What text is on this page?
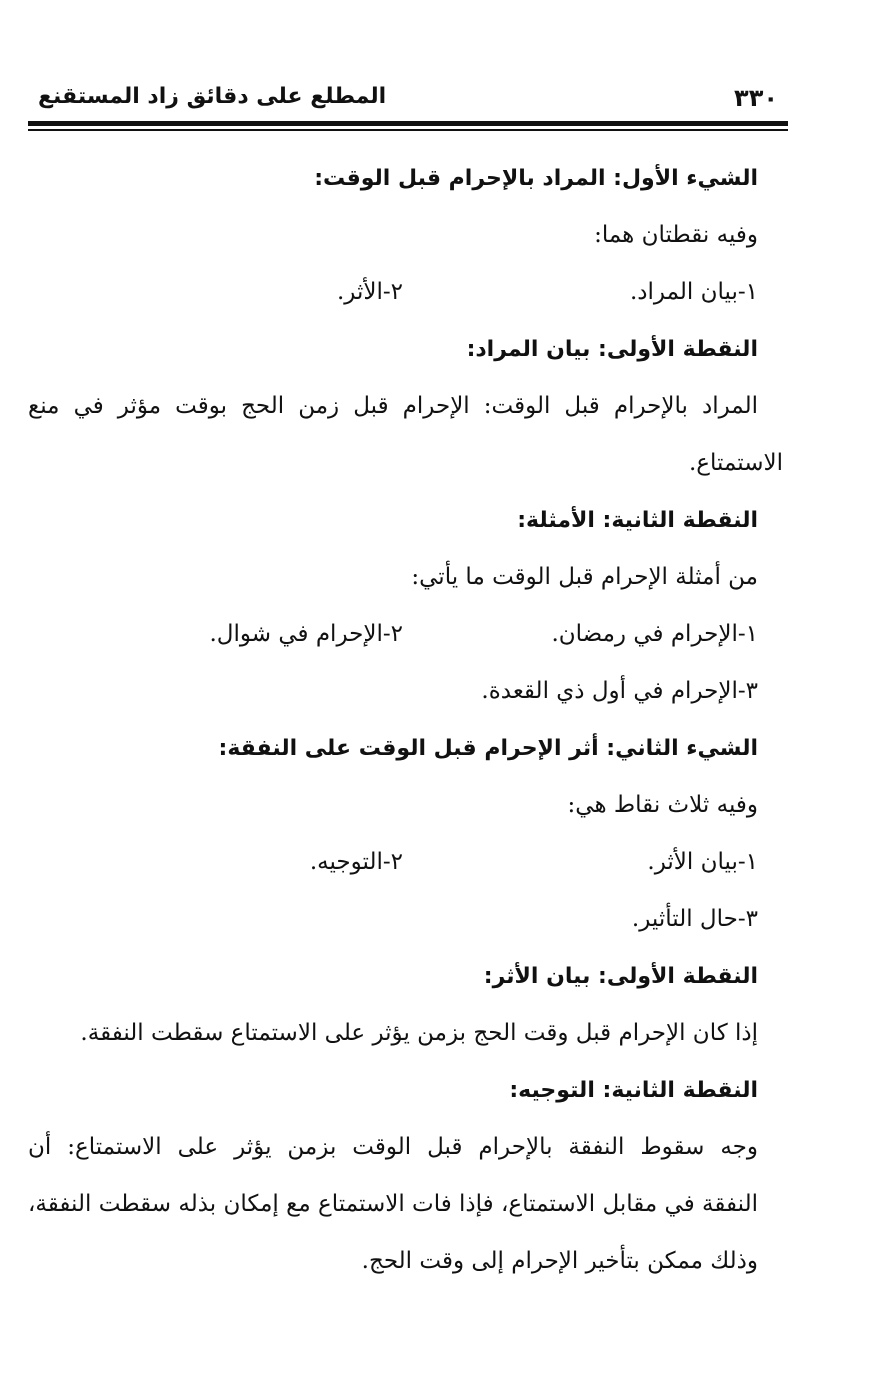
٣٣٠
المطلع على دقائق زاد المستقنع
الشيء الأول: المراد بالإحرام قبل الوقت:
وفيه نقطتان هما:
١-بيان المراد.
٢-الأثر.
النقطة الأولى: بيان المراد:
المراد بالإحرام قبل الوقت: الإحرام قبل زمن الحج بوقت مؤثر في منع
الاستمتاع.
النقطة الثانية: الأمثلة:
من أمثلة الإحرام قبل الوقت ما يأتي:
١-الإحرام في رمضان.
٢-الإحرام في شوال.
٣-الإحرام في أول ذي القعدة.
الشيء الثاني: أثر الإحرام قبل الوقت على النفقة:
وفيه ثلاث نقاط هي:
١-بيان الأثر.
٢-التوجيه.
٣-حال التأثير.
النقطة الأولى: بيان الأثر:
إذا كان الإحرام قبل وقت الحج بزمن يؤثر على الاستمتاع سقطت النفقة.
النقطة الثانية: التوجيه:
وجه سقوط النفقة بالإحرام قبل الوقت بزمن يؤثر على الاستمتاع: أن
النفقة في مقابل الاستمتاع، فإذا فات الاستمتاع مع إمكان بذله سقطت النفقة،
وذلك ممكن بتأخير الإحرام إلى وقت الحج.
